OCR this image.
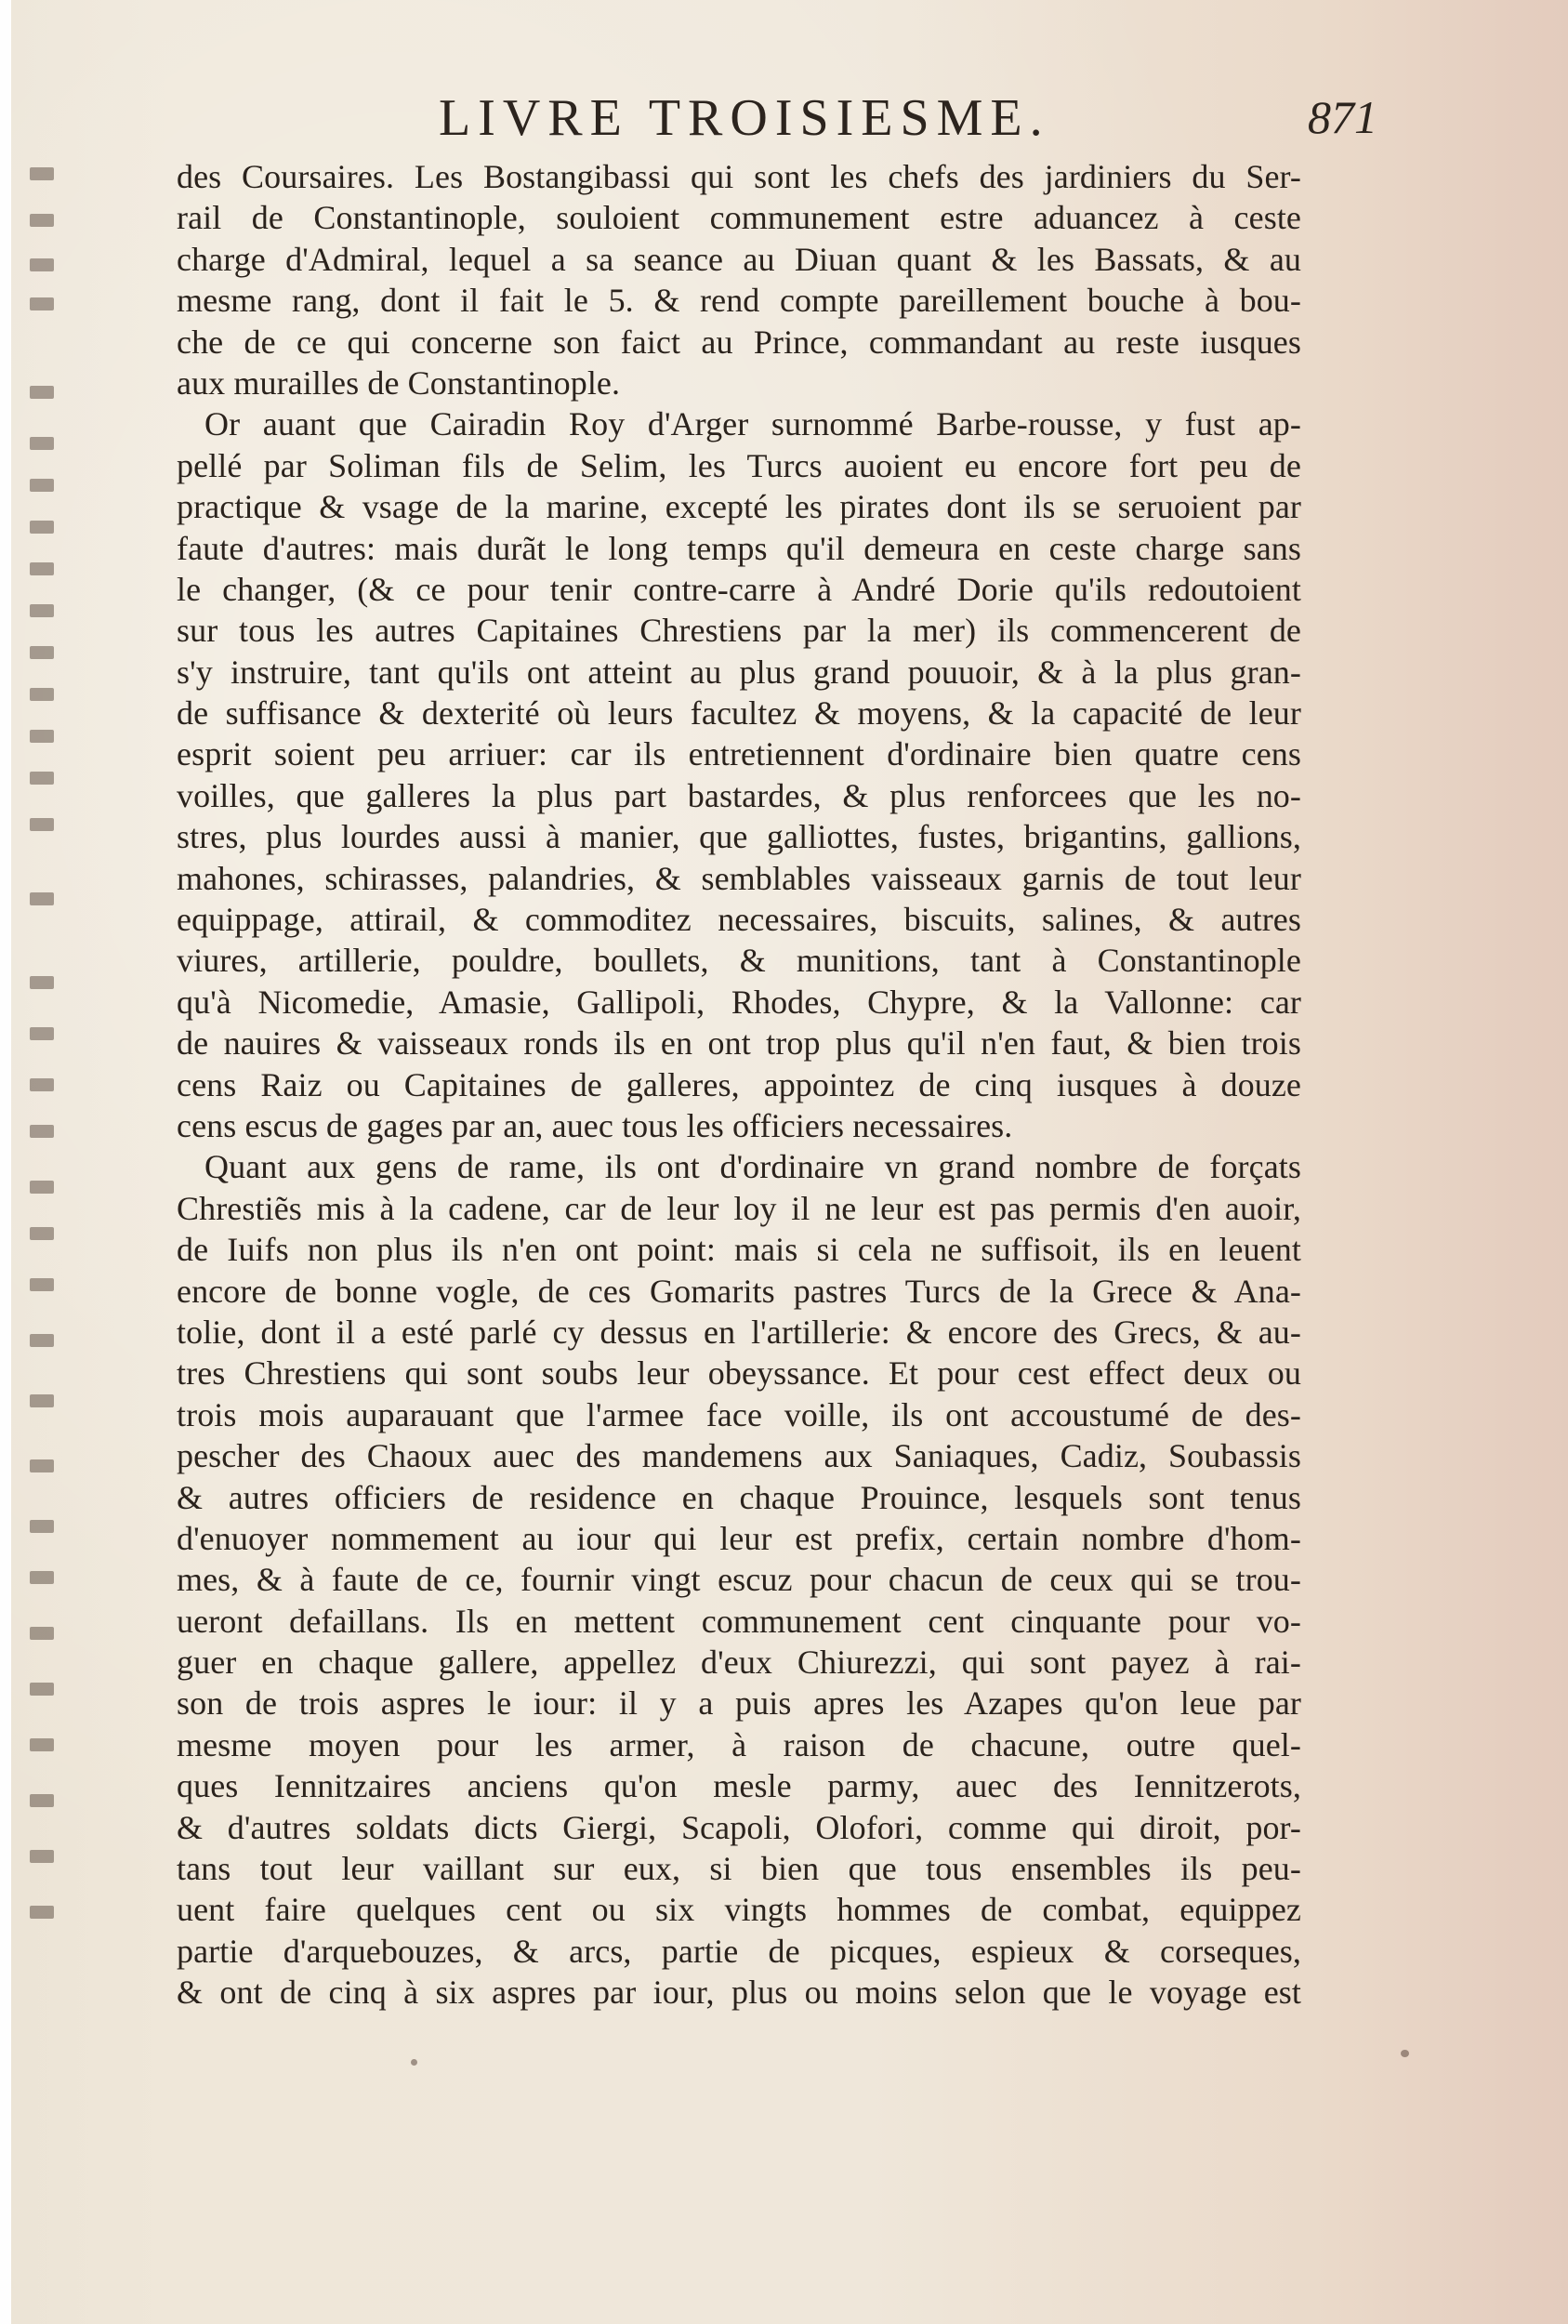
LIVRE TROISIESME.	871
des Coursaires. Les Bostangibassi qui sont les chefs des jardiniers du Ser-
rail de Constantinople, souloient communement estre aduancez à ceste
charge d'Admiral, lequel a sa seance au Diuan quant & les Bassats, & au
mesme rang, dont il fait le 5. & rend compte pareillement bouche à bou-
che de ce qui concerne son faict au Prince, commandant au reste iusques
aux murailles de Constantinople.
Or auant que Cairadin Roy d'Arger surnommé Barbe-rousse, y fust ap-
pellé par Soliman fils de Selim, les Turcs auoient eu encore fort peu de
practique & vsage de la marine, excepté les pirates dont ils se seruoient par
faute d'autres: mais durãt le long temps qu'il demeura en ceste charge sans
le changer, (& ce pour tenir contre-carre à André Dorie qu'ils redoutoient
sur tous les autres Capitaines Chrestiens par la mer) ils commencerent de
s'y instruire, tant qu'ils ont atteint au plus grand pouuoir, & à la plus gran-
de suffisance & dexterité où leurs facultez & moyens, & la capacité de leur
esprit soient peu arriuer: car ils entretiennent d'ordinaire bien quatre cens
voilles, que galleres la plus part bastardes, & plus renforcees que les no-
stres, plus lourdes aussi à manier, que galliottes, fustes, brigantins, gallions,
mahones, schirasses, palandries, & semblables vaisseaux garnis de tout leur
equippage, attirail, & commoditez necessaires, biscuits, salines, & autres
viures, artillerie, pouldre, boullets, & munitions, tant à Constantinople
qu'à Nicomedie, Amasie, Gallipoli, Rhodes, Chypre, & la Vallonne: car
de nauires & vaisseaux ronds ils en ont trop plus qu'il n'en faut, & bien trois
cens Raiz ou Capitaines de galleres, appointez de cinq iusques à douze
cens escus de gages par an, auec tous les officiers necessaires.
Quant aux gens de rame, ils ont d'ordinaire vn grand nombre de forçats
Chrestiẽs mis à la cadene, car de leur loy il ne leur est pas permis d'en auoir,
de Iuifs non plus ils n'en ont point: mais si cela ne suffisoit, ils en leuent
encore de bonne vogle, de ces Gomarits pastres Turcs de la Grece & Ana-
tolie, dont il a esté parlé cy dessus en l'artillerie: & encore des Grecs, & au-
tres Chrestiens qui sont soubs leur obeyssance. Et pour cest effect deux ou
trois mois auparauant que l'armee face voille, ils ont accoustumé de des-
pescher des Chaoux auec des mandemens aux Saniaques, Cadiz, Soubassis
& autres officiers de residence en chaque Prouince, lesquels sont tenus
d'enuoyer nommement au iour qui leur est prefix, certain nombre d'hom-
mes, & à faute de ce, fournir vingt escuz pour chacun de ceux qui se trou-
ueront defaillans. Ils en mettent communement cent cinquante pour vo-
guer en chaque gallere, appellez d'eux Chiurezzi, qui sont payez à rai-
son de trois aspres le iour: il y a puis apres les Azapes qu'on leue par
mesme moyen pour les armer, à raison de chacune, outre quel-
ques Iennitzaires anciens qu'on mesle parmy, auec des Iennitzerots,
& d'autres soldats dicts Giergi, Scapoli, Olofori, comme qui diroit, por-
tans tout leur vaillant sur eux, si bien que tous ensembles ils peu-
uent faire quelques cent ou six vingts hommes de combat, equippez
partie d'arquebouzes, & arcs, partie de picques, espieux & corseques,
& ont de cinq à six aspres par iour, plus ou moins selon que le voyage est
